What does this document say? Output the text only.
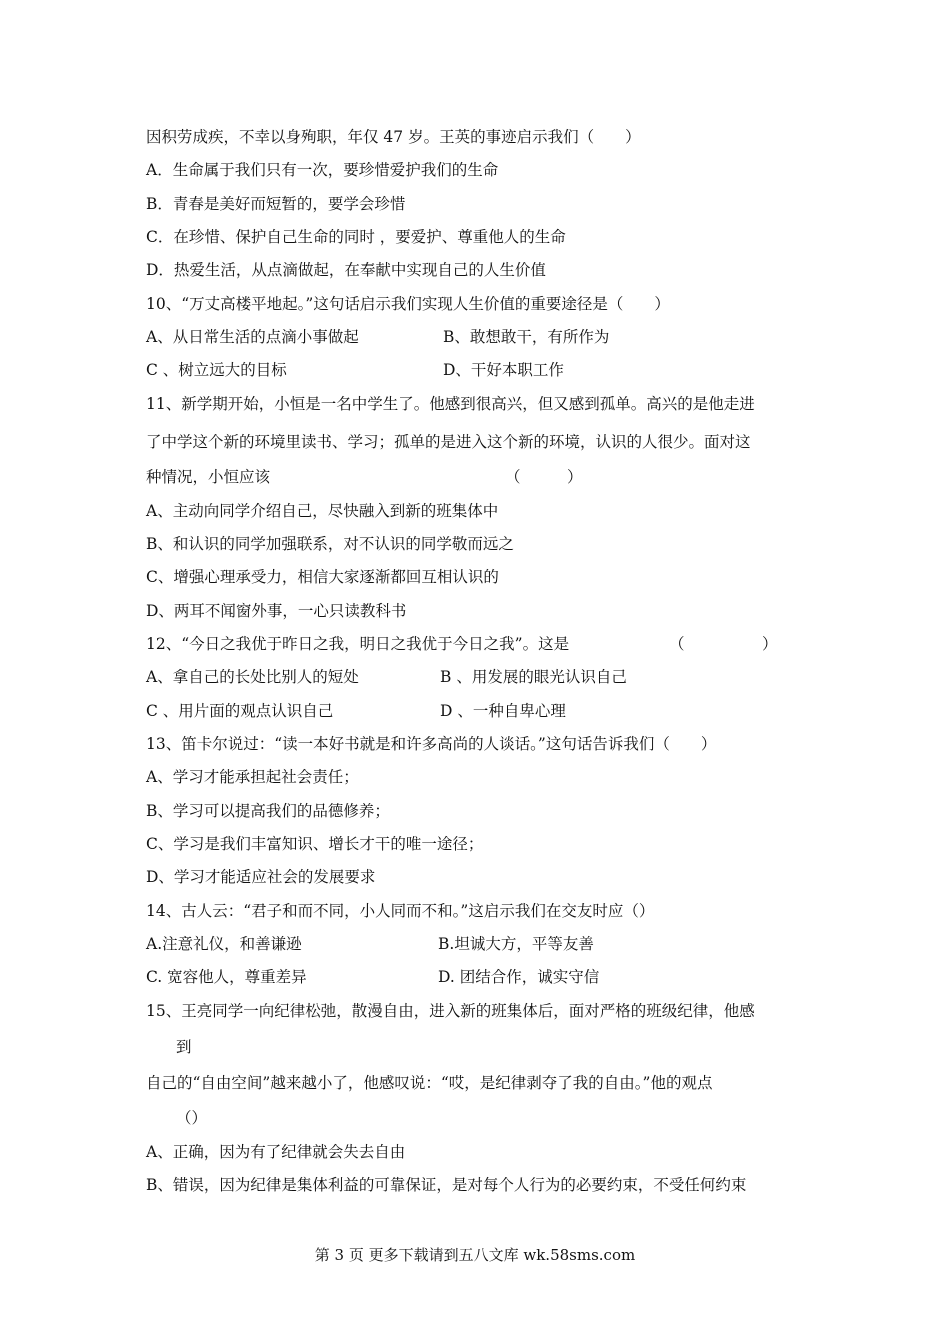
因积劳成疾，不幸以身殉职，年仅 47 岁。王英的事迹启示我们（　　）
A．生命属于我们只有一次，要珍惜爱护我们的生命
B．青春是美好而短暂的，要学会珍惜
C．在珍惜、保护自己生命的同时 ，要爱护、尊重他人的生命
D．热爱生活，从点滴做起，在奉献中实现自己的人生价值
10、“万丈高楼平地起。”这句话启示我们实现人生价值的重要途径是（　　）
A、从日常生活的点滴小事做起	B、敢想敢干，有所作为
C 、树立远大的目标	D、干好本职工作
11、新学期开始，小恒是一名中学生了。他感到很高兴，但又感到孤单。高兴的是他走进
了中学这个新的环境里读书、学习；孤单的是进入这个新的环境，认识的人很少。面对这
种情况，小恒应该	（　　　）
A、主动向同学介绍自己，尽快融入到新的班集体中
B、和认识的同学加强联系，对不认识的同学敬而远之
C、增强心理承受力，相信大家逐渐都回互相认识的
D、两耳不闻窗外事，一心只读教科书
12、“今日之我优于昨日之我，明日之我优于今日之我”。这是	（　　　　　）
A、拿自己的长处比别人的短处	B 、用发展的眼光认识自己
C 、用片面的观点认识自己	D 、一种自卑心理
13、笛卡尔说过：“读一本好书就是和许多高尚的人谈话。”这句话告诉我们（　　）
A、学习才能承担起社会责任；
B、学习可以提高我们的品德修养；
C、学习是我们丰富知识、增长才干的唯一途径；
D、学习才能适应社会的发展要求
14、古人云：“君子和而不同，小人同而不和。”这启示我们在交友时应（）
A.注意礼仪，和善谦逊	B.坦诚大方，平等友善
C. 宽容他人，尊重差异	D. 团结合作，诚实守信
15、王亮同学一向纪律松弛，散漫自由，进入新的班集体后，面对严格的班级纪律，他感
到
自己的“自由空间”越来越小了，他感叹说：“哎，是纪律剥夺了我的自由。”他的观点
（）
A、正确，因为有了纪律就会失去自由
B、错误，因为纪律是集体利益的可靠保证，是对每个人行为的必要约束，不受任何约束
第 3 页 更多下载请到五八文库 wk.58sms.com
